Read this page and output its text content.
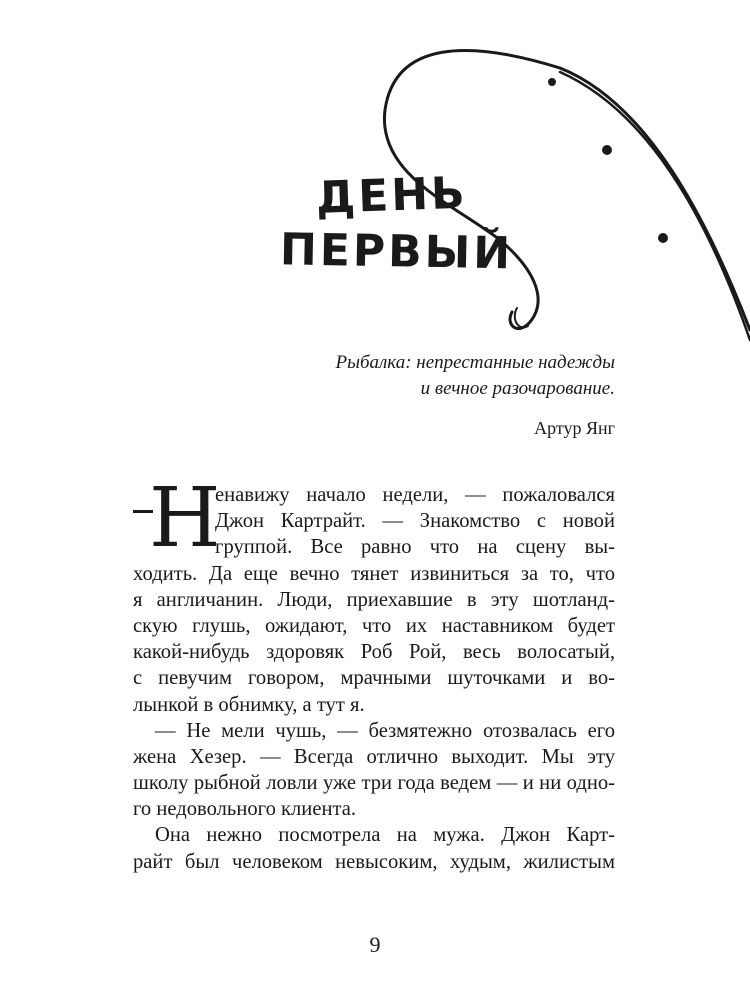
ДЕНЬ
ПЕРВЫЙ
Рыбалка: непрестанные надежды
и вечное разочарование.
Артур Янг
Н
енавижу начало недели, — пожаловался
Джон Картрайт. — Знакомство с новой
группой. Все равно что на сцену вы-
ходить. Да еще вечно тянет извиниться за то, что
я англичанин. Люди, приехавшие в эту шотланд-
скую глушь, ожидают, что их наставником будет
какой-нибудь здоровяк Роб Рой, весь волосатый,
с певучим говором, мрачными шуточками и во-
лынкой в обнимку, а тут я.
— Не мели чушь, — безмятежно отозвалась его
жена Хезер. — Всегда отлично выходит. Мы эту
школу рыбной ловли уже три года ведем — и ни одно-
го недовольного клиента.
Она нежно посмотрела на мужа. Джон Карт-
райт был человеком невысоким, худым, жилистым
9
